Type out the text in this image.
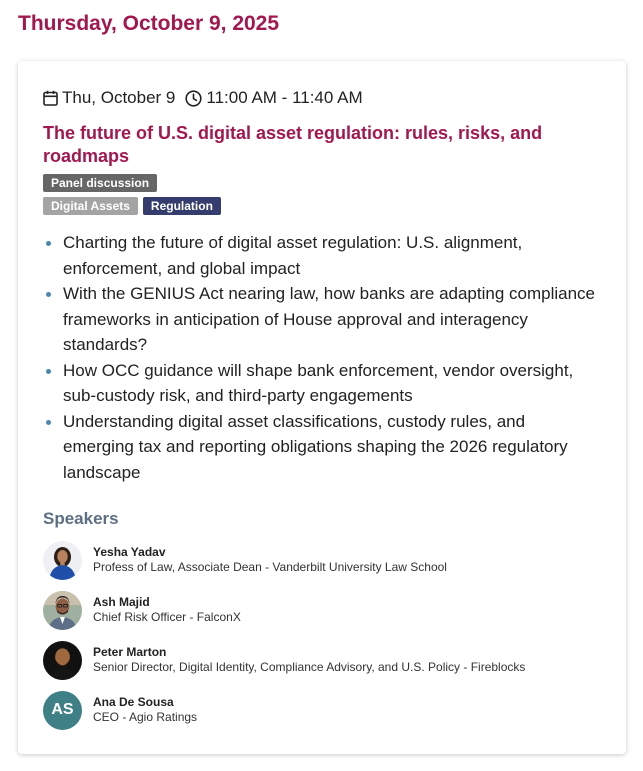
Thursday, October 9, 2025
Thu, October 9 11:00 AM - 11:40 AM
The future of U.S. digital asset regulation: rules, risks, and roadmaps
Panel discussion
Digital Assets	Regulation
Charting the future of digital asset regulation: U.S. alignment, enforcement, and global impact
With the GENIUS Act nearing law, how banks are adapting compliance frameworks in anticipation of House approval and interagency standards?
How OCC guidance will shape bank enforcement, vendor oversight, sub-custody risk, and third-party engagements
Understanding digital asset classifications, custody rules, and emerging tax and reporting obligations shaping the 2026 regulatory landscape
Speakers
Yesha Yadav
Profess of Law, Associate Dean - Vanderbilt University Law School
Ash Majid
Chief Risk Officer - FalconX
Peter Marton
Senior Director, Digital Identity, Compliance Advisory, and U.S. Policy - Fireblocks
AS	Ana De Sousa
CEO - Agio Ratings
